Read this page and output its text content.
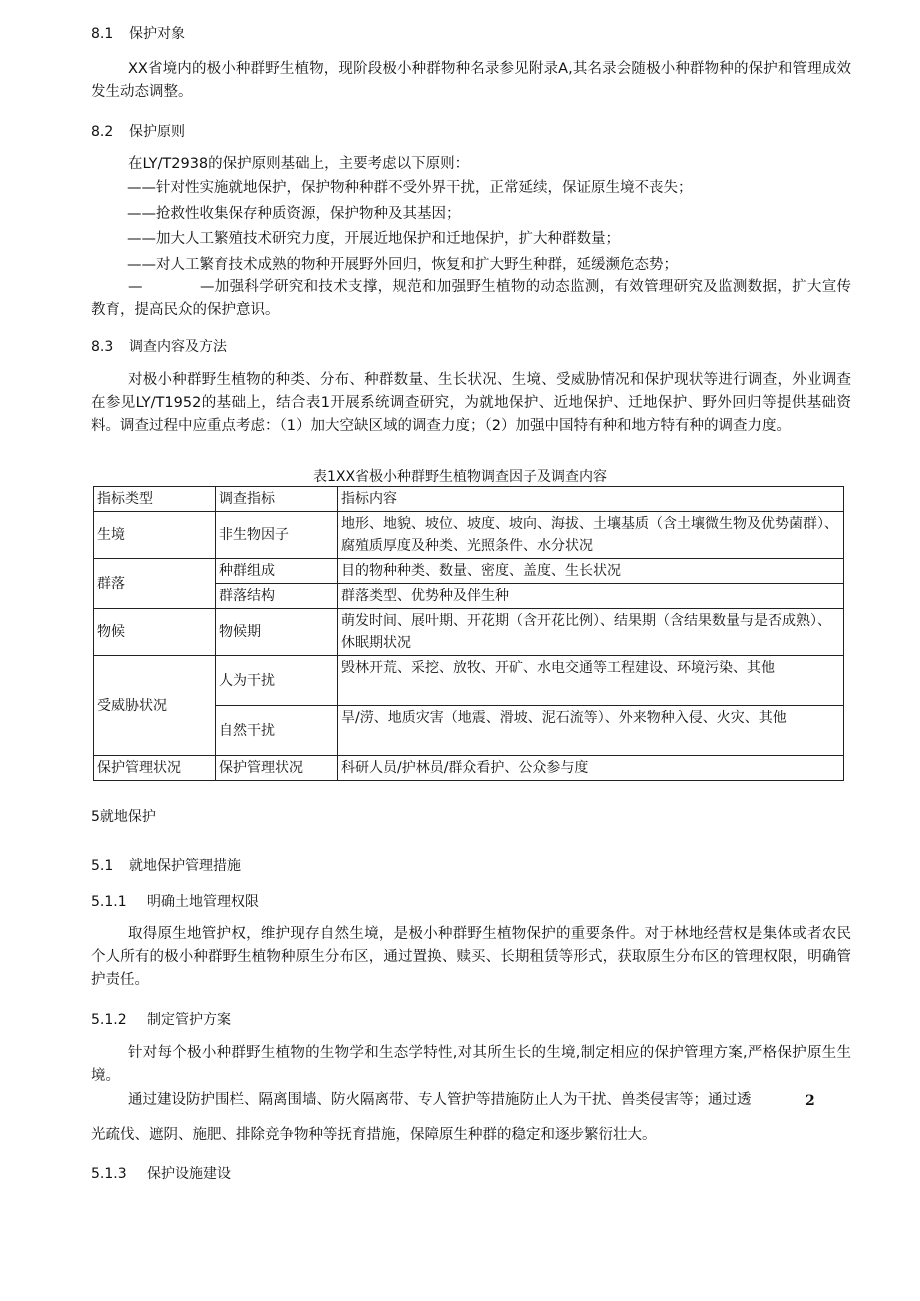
8.1 保护对象

XX省境内的极小种群野生植物，现阶段极小种群物种名录参见附录A,其名录会随极小种群物种的保护和管理成效发生动态调整。

8.2 保护原则

在LY/T2938的保护原则基础上，主要考虑以下原则：

——针对性实施就地保护，保护物种种群不受外界干扰，正常延续，保证原生境不丧失；
——抢救性收集保存种质资源，保护物种及其基因；
——加大人工繁殖技术研究力度，开展近地保护和迁地保护，扩大种群数量；
——对人工繁育技术成熟的物种开展野外回归，恢复和扩大野生种群，延缓濒危态势；
—	—加强科学研究和技术支撑，规范和加强野生植物的动态监测，有效管理研究及监测数据，扩大宣传教育，提高民众的保护意识。

8.3 调查内容及方法

对极小种群野生植物的种类、分布、种群数量、生长状况、生境、受威胁情况和保护现状等进行调查，外业调查在参见LY/T1952的基础上，结合表1开展系统调查研究，为就地保护、近地保护、迁地保护、野外回归等提供基础资料。调查过程中应重点考虑：（1）加大空缺区域的调查力度；（2）加强中国特有种和地方特有种的调查力度。

表1XX省极小种群野生植物调查因子及调查内容

指标类型	调查指标	指标内容
生境	非生物因子	地形、地貌、坡位、坡度、坡向、海拔、土壤基质（含土壤微生物及优势菌群）、腐殖质厚度及种类、光照条件、水分状况
群落	种群组成	目的物种种类、数量、密度、盖度、生长状况
	群落结构	群落类型、优势种及伴生种
物候	物候期	萌发时间、展叶期、开花期（含开花比例）、结果期（含结果数量与是否成熟）、休眠期状况
受威胁状况	人为干扰	毁林开荒、采挖、放牧、开矿、水电交通等工程建设、环境污染、其他
	自然干扰	旱/涝、地质灾害（地震、滑坡、泥石流等）、外来物种入侵、火灾、其他
保护管理状况	保护管理状况	科研人员/护林员/群众看护、公众参与度
5就地保护
5.1 就地保护管理措施
5.1.1 明确土地管理权限

取得原生地管护权，维护现存自然生境，是极小种群野生植物保护的重要条件。对于林地经营权是集体或者农民个人所有的极小种群野生植物种原生分布区，通过置换、赎买、长期租赁等形式，获取原生分布区的管理权限，明确管护责任。

5.1.2 制定管护方案

针对每个极小种群野生植物的生物学和生态学特性,对其所生长的生境,制定相应的保护管理方案,严格保护原生生境。

通过建设防护围栏、隔离围墙、防火隔离带、专人管护等措施防止人为干扰、兽类侵害等；通过透	2

光疏伐、遮阴、施肥、排除竞争物种等抚育措施，保障原生种群的稳定和逐步繁衍壮大。

5.1.3 保护设施建设
